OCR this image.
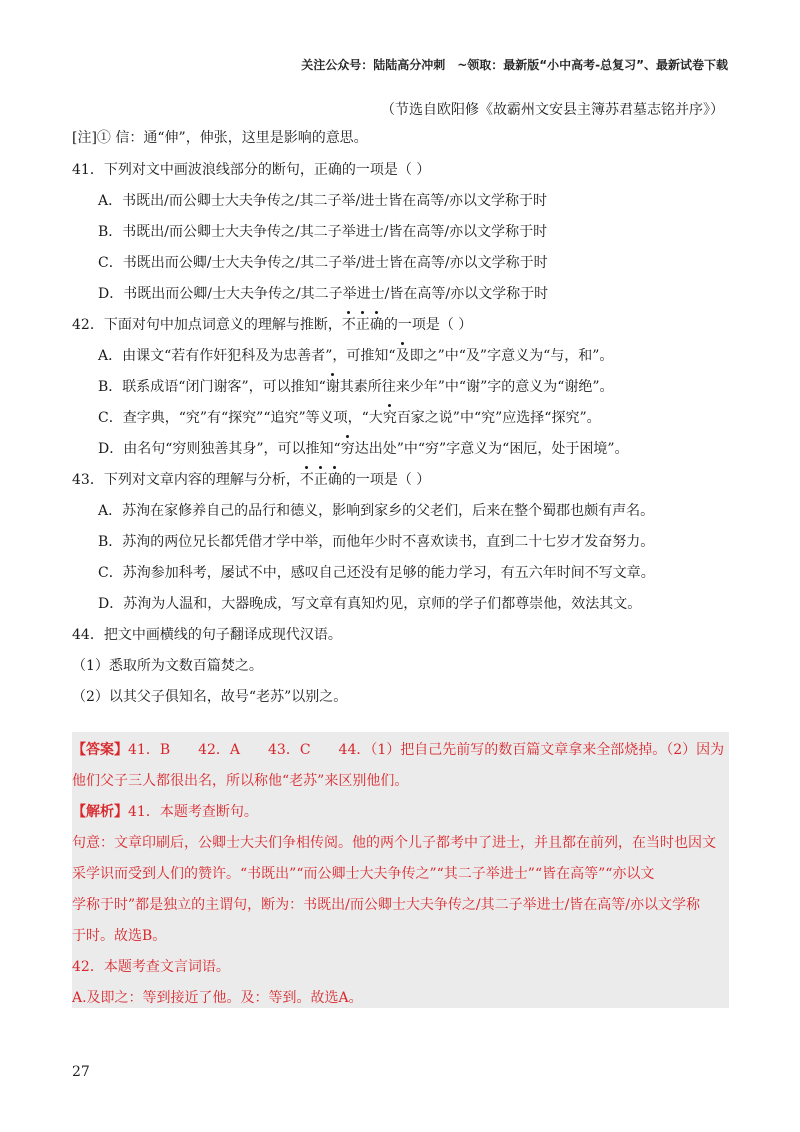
关注公众号：陆陆高分冲刺　~领取：最新版“小中高考-总复习”、最新试卷下载
（节选自欧阳修《故霸州文安县主簿苏君墓志铭并序》）
[注]① 信：通“伸”，伸张，这里是影响的意思。
41．下列对文中画波浪线部分的断句，正确的一项是（ ）
A．书既出/而公卿士大夫争传之/其二子举/进士皆在高等/亦以文学称于时
B．书既出/而公卿士大夫争传之/其二子举进士/皆在高等/亦以文学称于时
C．书既出而公卿/士大夫争传之/其二子举/进士皆在高等/亦以文学称于时
D．书既出而公卿/士大夫争传之/其二子举进士/皆在高等/亦以文学称于时
42．下面对句中加点词意义的理解与推断，不正确的一项是（ ）
A．由课文“若有作奸犯科及为忠善者”，可推知“及即之”中“及”字意义为“与，和”。
B．联系成语“闭门谢客”，可以推知“谢其素所往来少年”中“谢”字的意义为“谢绝”。
C．查字典，“究”有“探究”“追究”等义项，“大究百家之说”中“究”应选择“探究”。
D．由名句“穷则独善其身”，可以推知“穷达出处”中“穷”字意义为“困厄，处于困境”。
43．下列对文章内容的理解与分析，不正确的一项是（ ）
A．苏洵在家修养自己的品行和德义，影响到家乡的父老们，后来在整个蜀郡也颇有声名。
B．苏洵的两位兄长都凭借才学中举，而他年少时不喜欢读书，直到二十七岁才发奋努力。
C．苏洵参加科考，屡试不中，感叹自己还没有足够的能力学习，有五六年时间不写文章。
D．苏洵为人温和，大器晚成，写文章有真知灼见，京师的学子们都尊崇他，效法其文。
44．把文中画横线的句子翻译成现代汉语。
（1）悉取所为文数百篇焚之。
（2）以其父子俱知名，故号“老苏”以别之。
【答案】41．B　　42．A　　43．C　　44．（1）把自己先前写的数百篇文章拿来全部烧掉。（2）因为
他们父子三人都很出名，所以称他“老苏”来区别他们。
【解析】41．本题考查断句。
句意：文章印刷后，公卿士大夫们争相传阅。他的两个儿子都考中了进士，并且都在前列，在当时也因文
采学识而受到人们的赞许。“书既出”“而公卿士大夫争传之”“其二子举进士”“皆在高等”“亦以文
学称于时”都是独立的主谓句，断为：书既出/而公卿士大夫争传之/其二子举进士/皆在高等/亦以文学称
于时。故选B。
42．本题考查文言词语。
A.及即之：等到接近了他。及：等到。故选A。
27
